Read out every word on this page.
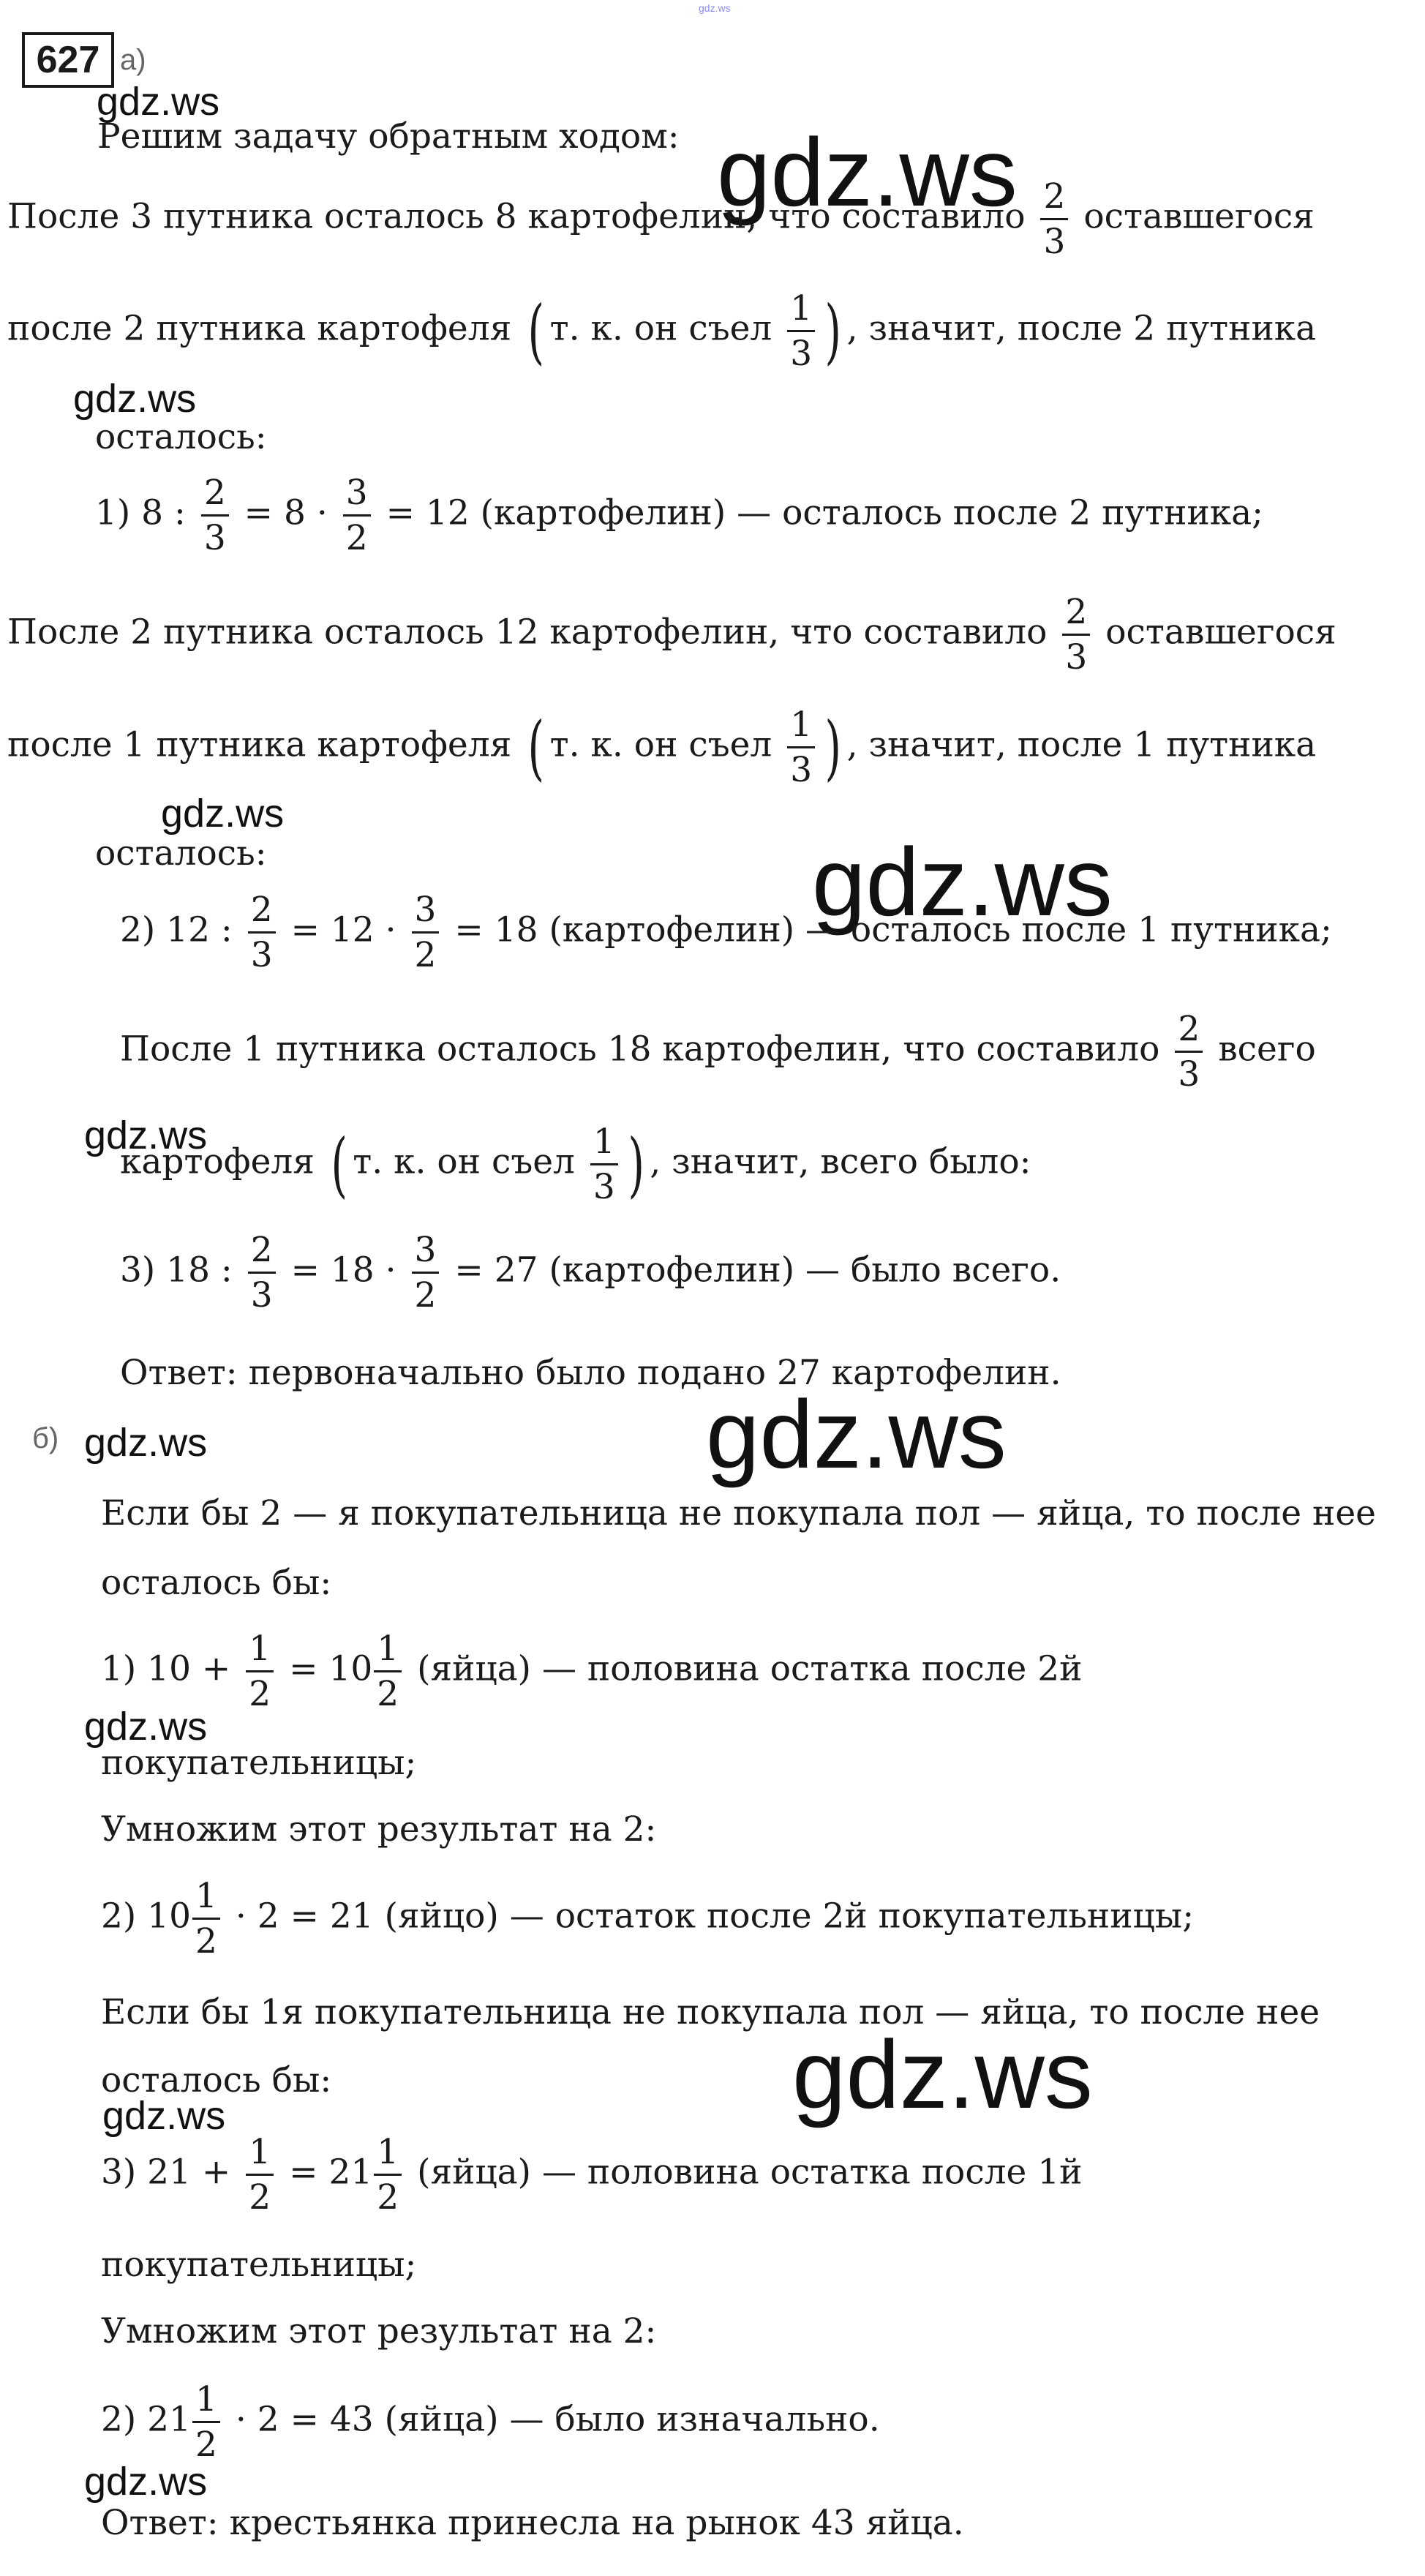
gdz.ws
gdz.ws
gdz.ws
gdz.ws
gdz.ws
gdz.ws
gdz.ws
gdz.ws	gdz.ws
gdz.ws
gdz.ws
gdz.ws
gdz.ws
627 а)
Решим задачу обратным ходом:
После 3 путника осталось 8 картофелин, что составило $\frac{2}{3}$ оставшегося
после 2 путника картофеля ( т. к. он съел $\frac{1}{3}$ ) , значит, после 2 путника
осталось:
1) 8 : $\frac{2}{3} = 8 \cdot \frac{3}{2} = 12$ (картофелин) — осталось после 2 путника;
После 2 путника осталось 12 картофелин, что составило $\frac{2}{3}$ оставшегося
после 1 путника картофеля ( т. к. он съел $\frac{1}{3}$ ) , значит, после 1 путника
осталось:
2) 12 : $\frac{2}{3} = 12 \cdot \frac{3}{2} = 18$ (картофелин) — осталось после 1 путника;
После 1 путника осталось 18 картофелин, что составило $\frac{2}{3}$ всего
картофеля ( т. к. он съел $\frac{1}{3}$ ) , значит, всего было:
3) 18 : $\frac{2}{3} = 18 \cdot \frac{3}{2} = 27$ (картофелин) — было всего.
Ответ: первоначально было подано 27 картофелин.
б)
Если бы 2 — я покупательница не покупала пол — яйца, то после нее
осталось бы:
1) $10 + \frac{1}{2} = 10 \frac{1}{2}$ (яйца) — половина остатка после 2й
покупательницы;
Умножим этот результат на 2:
2) $10 \frac{1}{2} \cdot 2 = 21$ (яйцо) — остаток после 2й покупательницы;
Если бы 1я покупательница не покупала пол — яйца, то после нее
осталось бы:
3) $21 + \frac{1}{2} = 21 \frac{1}{2}$ (яйца) — половина остатка после 1й
покупательницы;
Умножим этот результат на 2:
2) $21 \frac{1}{2} \cdot 2 = 43$ (яйца) — было изначально.
Ответ: крестьянка принесла на рынок 43 яйца.
